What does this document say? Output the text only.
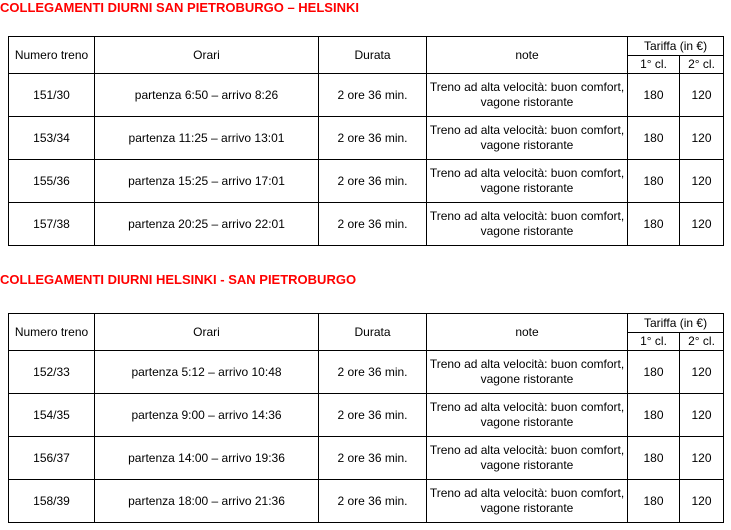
COLLEGAMENTI DIURNI SAN PIETROBURGO – HELSINKI
Numero treno	Orari	Durata	note	Tariffa (in €)	
				1° cl.	2° cl.
151/30	partenza 6:50 – arrivo 8:26	2 ore 36 min.	Treno ad alta velocità: buon comfort, vagone ristorante	180	120
153/34	partenza 11:25 – arrivo 13:01	2 ore 36 min.	Treno ad alta velocità: buon comfort, vagone ristorante	180	120
155/36	partenza 15:25 – arrivo 17:01	2 ore 36 min.	Treno ad alta velocità: buon comfort, vagone ristorante	180	120
157/38	partenza 20:25 – arrivo 22:01	2 ore 36 min.	Treno ad alta velocità: buon comfort, vagone ristorante	180	120
COLLEGAMENTI DIURNI HELSINKI - SAN PIETROBURGO
Numero treno	Orari	Durata	note	Tariffa (in €)	
				1° cl.	2° cl.
152/33	partenza 5:12 – arrivo 10:48	2 ore 36 min.	Treno ad alta velocità: buon comfort, vagone ristorante	180	120
154/35	partenza 9:00 – arrivo 14:36	2 ore 36 min.	Treno ad alta velocità: buon comfort, vagone ristorante	180	120
156/37	partenza 14:00 – arrivo 19:36	2 ore 36 min.	Treno ad alta velocità: buon comfort, vagone ristorante	180	120
158/39	partenza 18:00 – arrivo 21:36	2 ore 36 min.	Treno ad alta velocità: buon comfort, vagone ristorante	180	120
